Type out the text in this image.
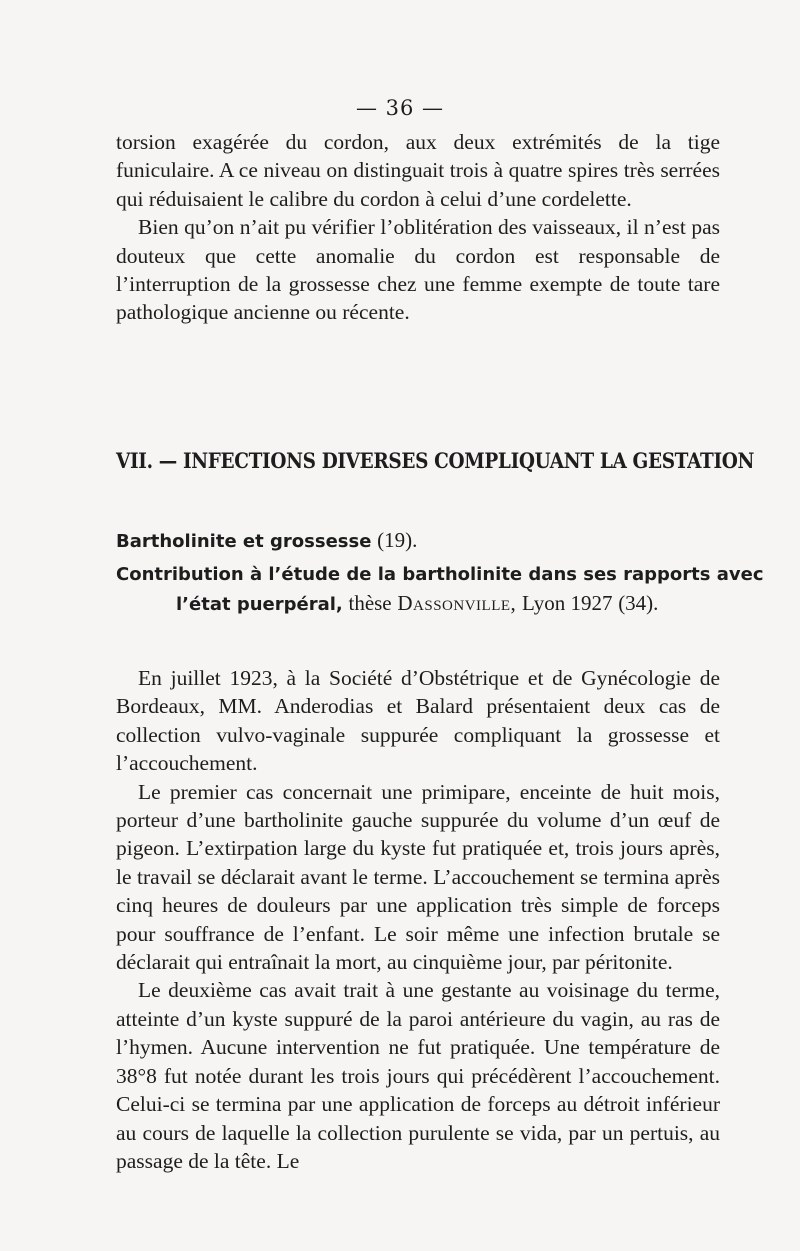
— 36 —

torsion exagérée du cordon, aux deux extrémités de la tige funiculaire. A ce niveau on distinguait trois à quatre spires très serrées qui réduisaient le calibre du cordon à celui d’une cordelette.

Bien qu’on n’ait pu vérifier l’oblitération des vaisseaux, il n’est pas douteux que cette anomalie du cordon est responsable de l’interruption de la grossesse chez une femme exempte de toute tare pathologique ancienne ou récente.

VII. — INFECTIONS DIVERSES COMPLIQUANT LA GESTATION
Bartholinite et grossesse (19).
Contribution à l’étude de la bartholinite dans ses rapports avec l’état puerpéral, thèse Dassonville, Lyon 1927 (34).

En juillet 1923, à la Société d’Obstétrique et de Gynécologie de Bordeaux, MM. Anderodias et Balard présentaient deux cas de collection vulvo-vaginale suppurée compliquant la grossesse et l’accouchement.

Le premier cas concernait une primipare, enceinte de huit mois, porteur d’une bartholinite gauche suppurée du volume d’un œuf de pigeon. L’extirpation large du kyste fut pratiquée et, trois jours après, le travail se déclarait avant le terme. L’accouchement se termina après cinq heures de douleurs par une application très simple de forceps pour souffrance de l’enfant. Le soir même une infection brutale se déclarait qui entraînait la mort, au cinquième jour, par péritonite.

Le deuxième cas avait trait à une gestante au voisinage du terme, atteinte d’un kyste suppuré de la paroi antérieure du vagin, au ras de l’hymen. Aucune intervention ne fut pratiquée. Une température de 38°8 fut notée durant les trois jours qui précédèrent l’accouchement. Celui-ci se termina par une application de forceps au détroit inférieur au cours de laquelle la collection purulente se vida, par un pertuis, au passage de la tête. Le
